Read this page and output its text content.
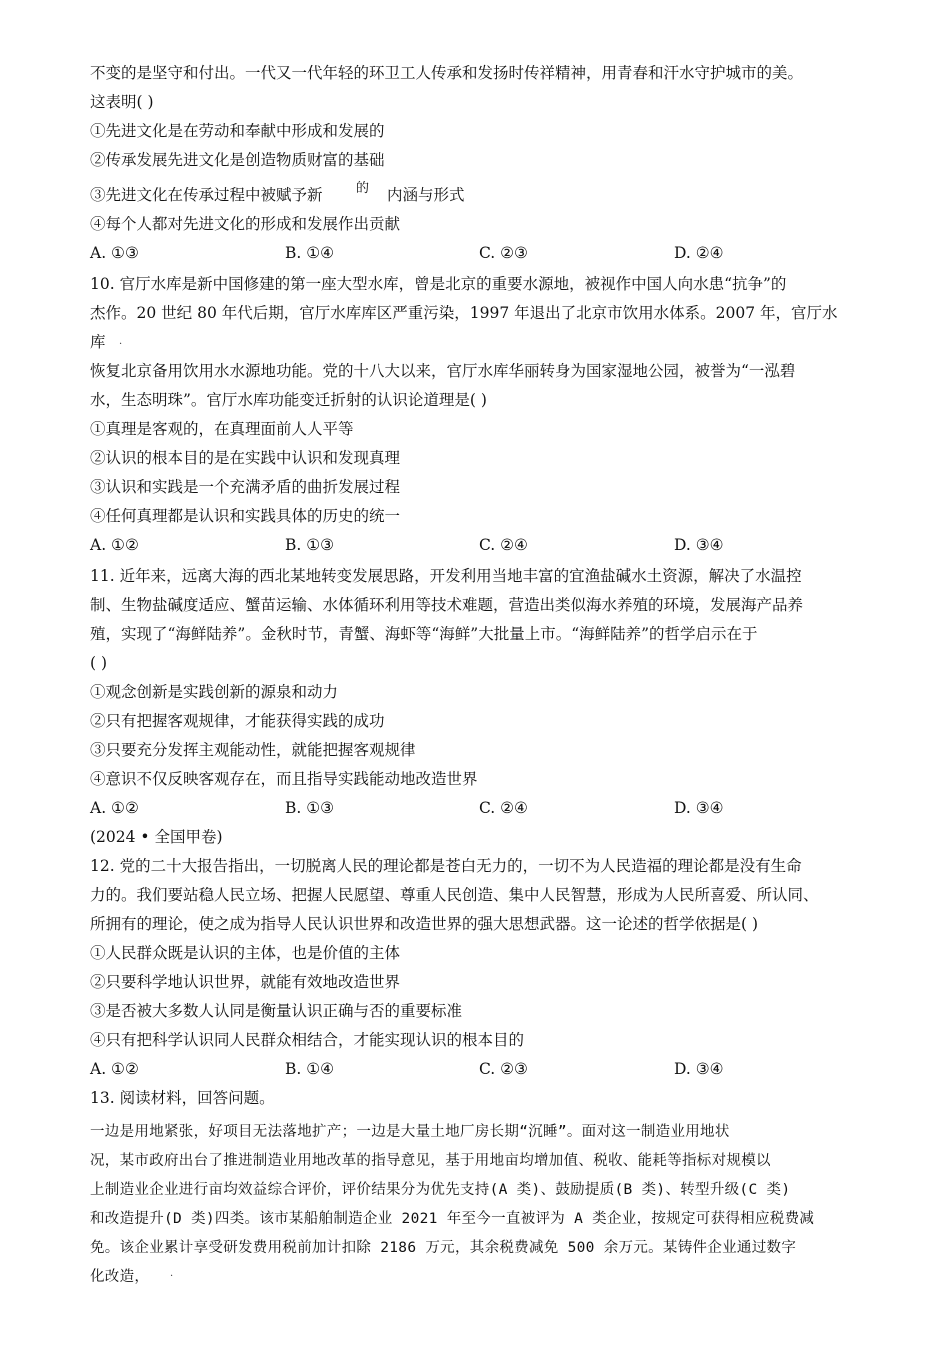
不变的是坚守和付出。一代又一代年轻的环卫工人传承和发扬时传祥精神，用青春和汗水守护城市的美。
这表明( )
①先进文化是在劳动和奉献中形成和发展的
②传承发展先进文化是创造物质财富的基础
③先进文化在传承过程中被赋予新	的 内涵与形式
④每个人都对先进文化的形成和发展作出贡献
A. ①③	B. ①④	C. ②③	D. ②④
10. 官厅水库是新中国修建的第一座大型水库，曾是北京的重要水源地，被视作中国人向水患“抗争”的
杰作。20 世纪 80 年代后期，官厅水库库区严重污染，1997 年退出了北京市饮用水体系。2007 年，官厅水
库 ·
恢复北京备用饮用水水源地功能。党的十八大以来，官厅水库华丽转身为国家湿地公园，被誉为“一泓碧
水，生态明珠”。官厅水库功能变迁折射的认识论道理是( )
①真理是客观的，在真理面前人人平等
②认识的根本目的是在实践中认识和发现真理
③认识和实践是一个充满矛盾的曲折发展过程
④任何真理都是认识和实践具体的历史的统一
A. ①②	B. ①③	C. ②④	D. ③④
11. 近年来，远离大海的西北某地转变发展思路，开发利用当地丰富的宜渔盐碱水土资源，解决了水温控
制、生物盐碱度适应、蟹苗运输、水体循环利用等技术难题，营造出类似海水养殖的环境，发展海产品养
殖，实现了“海鲜陆养”。金秋时节，青蟹、海虾等“海鲜”大批量上市。“海鲜陆养”的哲学启示在于
( )
①观念创新是实践创新的源泉和动力
②只有把握客观规律，才能获得实践的成功
③只要充分发挥主观能动性，就能把握客观规律
④意识不仅反映客观存在，而且指导实践能动地改造世界
A. ①②	B. ①③	C. ②④	D. ③④
(2024 • 全国甲卷)
12. 党的二十大报告指出，一切脱离人民的理论都是苍白无力的，一切不为人民造福的理论都是没有生命
力的。我们要站稳人民立场、把握人民愿望、尊重人民创造、集中人民智慧，形成为人民所喜爱、所认同、
所拥有的理论，使之成为指导人民认识世界和改造世界的强大思想武器。这一论述的哲学依据是( )
①人民群众既是认识的主体，也是价值的主体
②只要科学地认识世界，就能有效地改造世界
③是否被大多数人认同是衡量认识正确与否的重要标准
④只有把科学认识同人民群众相结合，才能实现认识的根本目的
A. ①②	B. ①④	C. ②③	D. ③④
13. 阅读材料，回答问题。
一边是用地紧张，好项目无法落地扩产；一边是大量土地厂房长期“沉睡”。面对这一制造业用地状
况，某市政府出台了推进制造业用地改革的指导意见，基于用地亩均增加值、税收、能耗等指标对规模以
上制造业企业进行亩均效益综合评价，评价结果分为优先支持(A 类)、鼓励提质(B 类)、转型升级(C 类)
和改造提升(D 类)四类。该市某船舶制造企业 2021 年至今一直被评为 A 类企业，按规定可获得相应税费减
免。该企业累计享受研发费用税前加计扣除 2186 万元，其余税费减免 500 余万元。某铸件企业通过数字
化改造， ·
